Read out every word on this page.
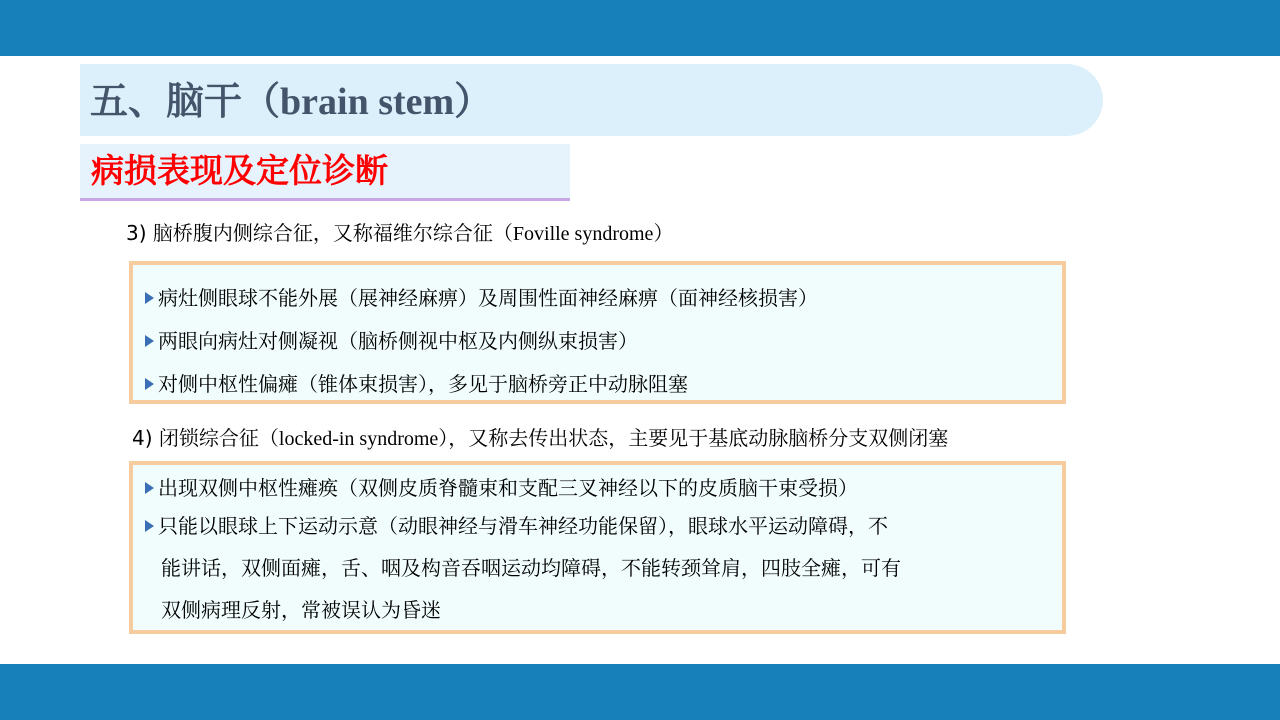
五、脑干（brain stem）
病损表现及定位诊断
3) 脑桥腹内侧综合征，又称福维尔综合征（Foville syndrome）
病灶侧眼球不能外展（展神经麻痹）及周围性面神经麻痹（面神经核损害）
两眼向病灶对侧凝视（脑桥侧视中枢及内侧纵束损害）
对侧中枢性偏瘫（锥体束损害），多见于脑桥旁正中动脉阻塞
4) 闭锁综合征（locked-in syndrome），又称去传出状态，主要见于基底动脉脑桥分支双侧闭塞
出现双侧中枢性瘫痪（双侧皮质脊髓束和支配三叉神经以下的皮质脑干束受损）
只能以眼球上下运动示意（动眼神经与滑车神经功能保留），眼球水平运动障碍，不
能讲话，双侧面瘫，舌、咽及构音吞咽运动均障碍，不能转颈耸肩，四肢全瘫，可有
双侧病理反射，常被误认为昏迷
